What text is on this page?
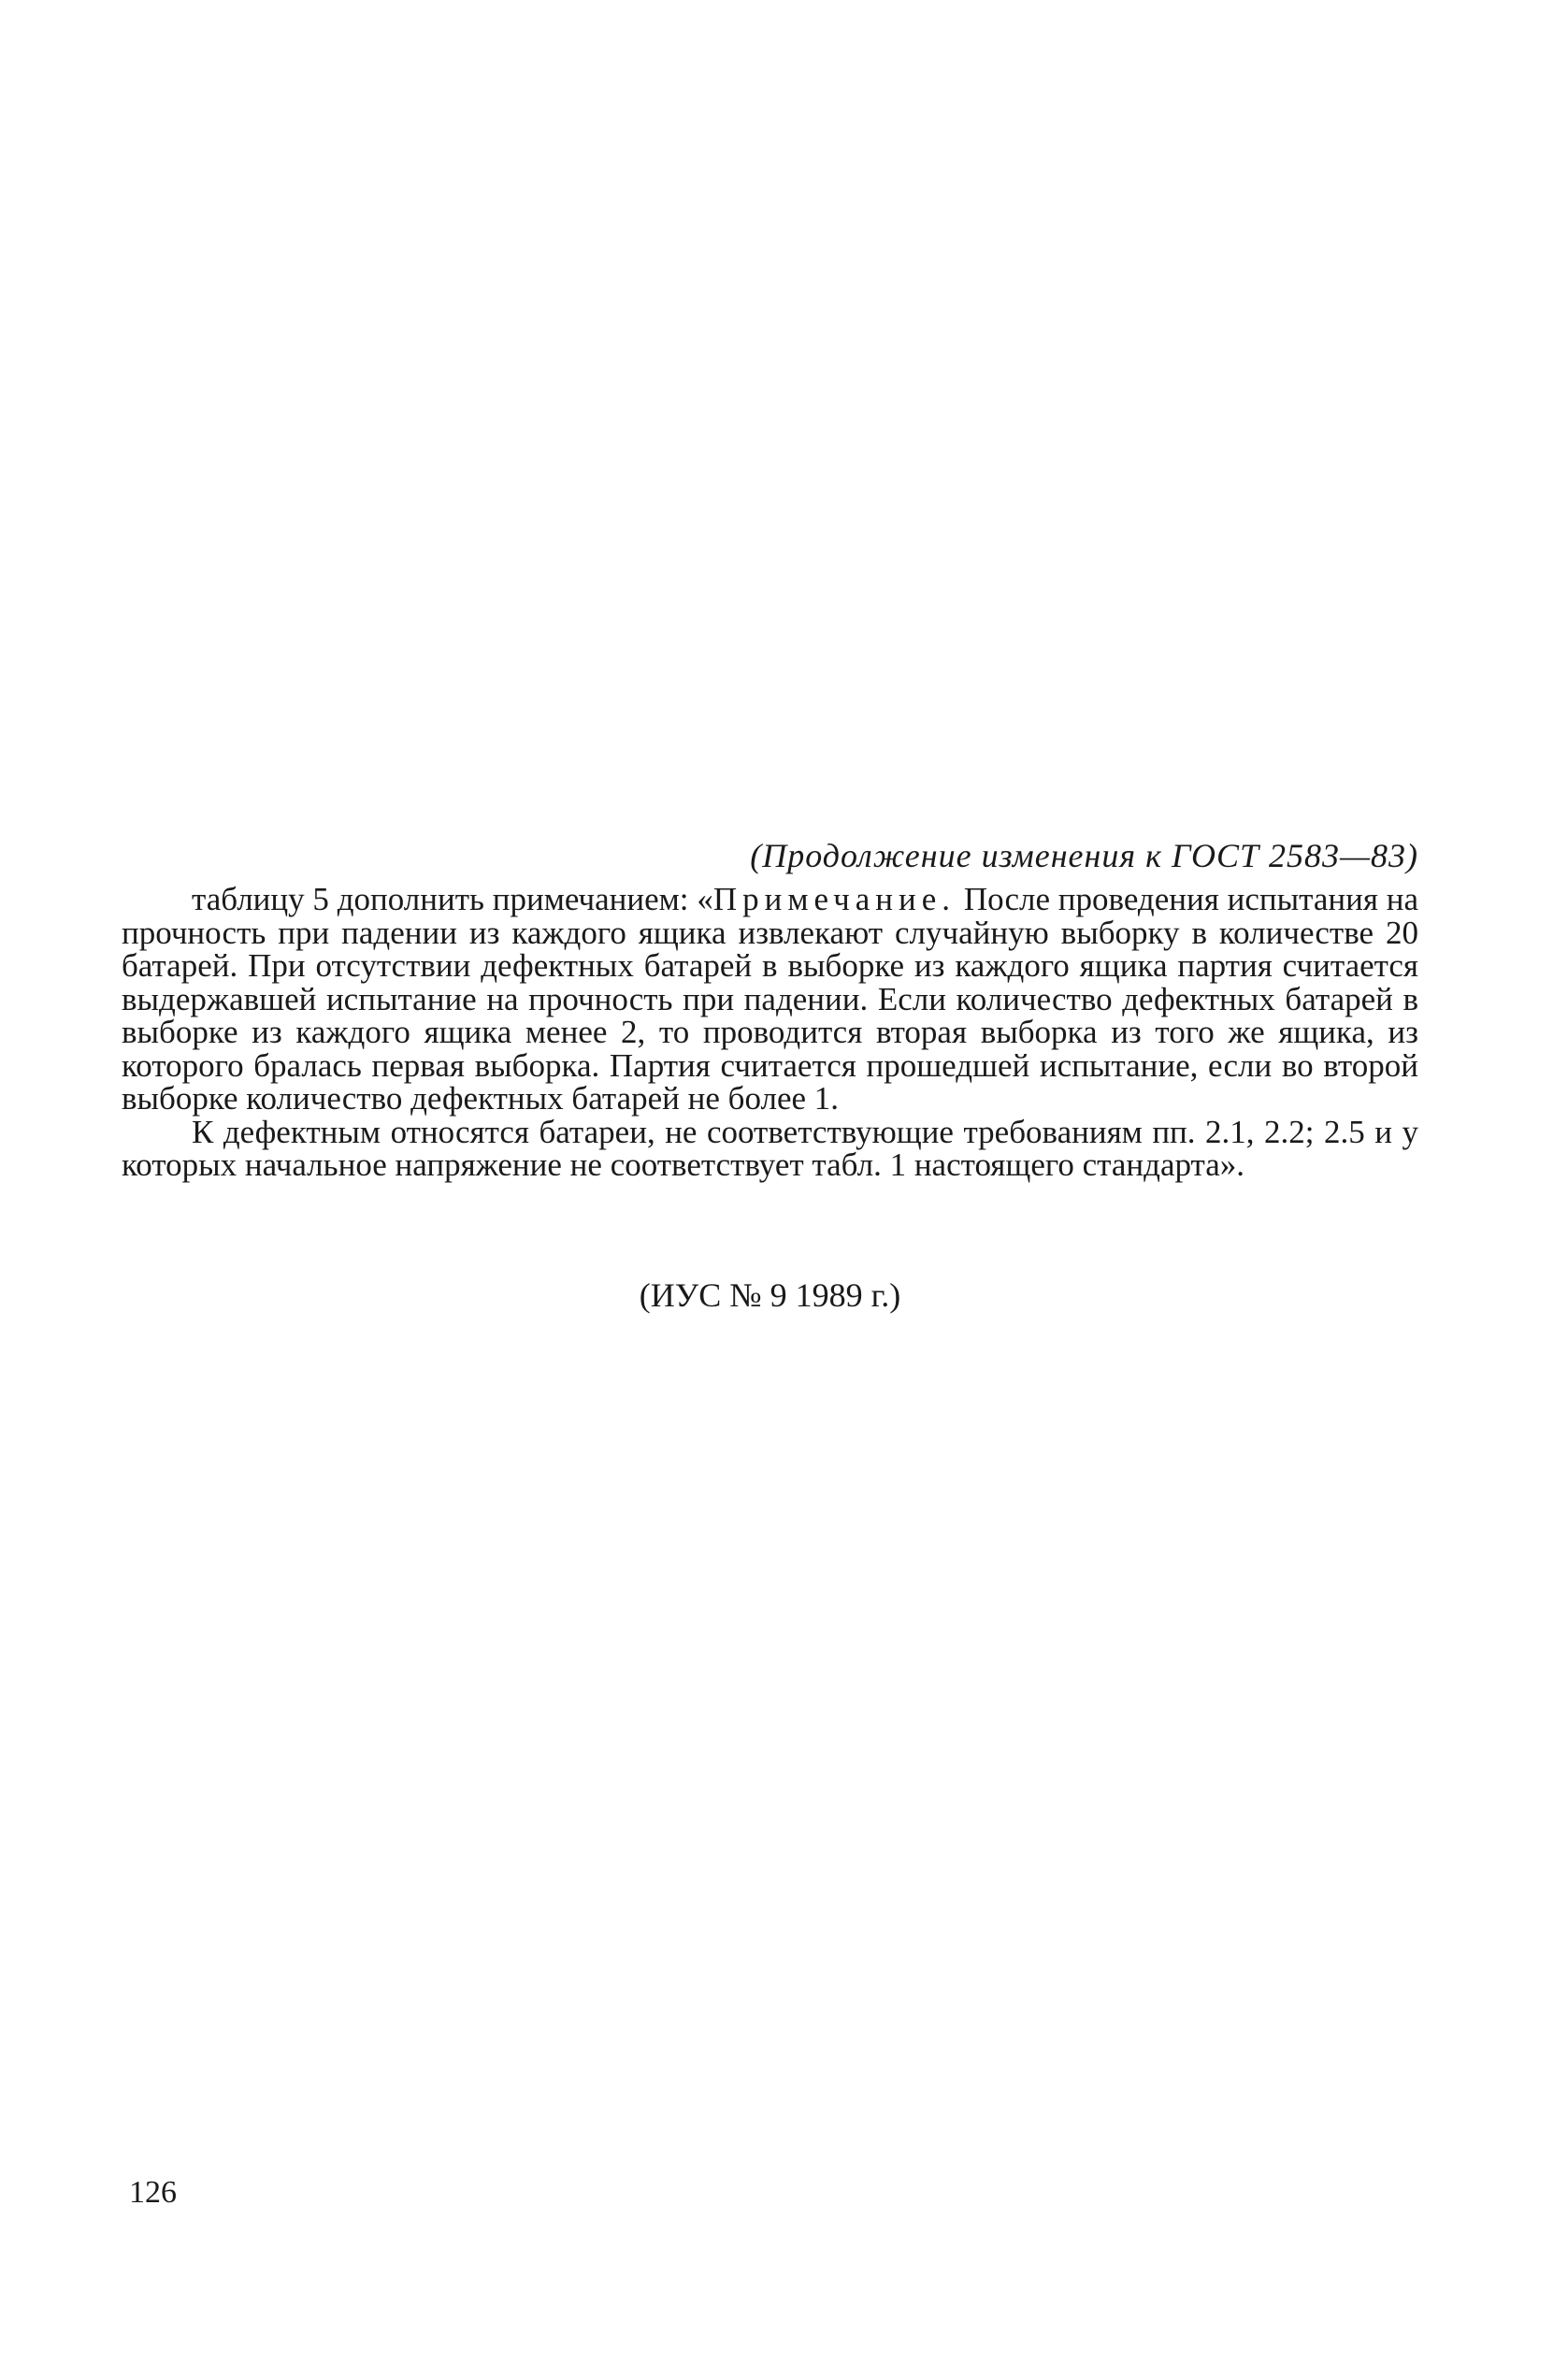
(Продолжение изменения к ГОСТ 2583—83)

таблицу 5 дополнить примечанием: «Примечание. После проведения испытания на прочность при падении из каждого ящика извлекают случайную выборку в количестве 20 батарей. При отсутствии дефектных батарей в выборке из каждого ящика партия считается выдержавшей испытание на прочность при падении. Если количество дефектных батарей в выборке из каждого ящика менее 2, то проводится вторая выборка из того же ящика, из которого бралась первая выборка. Партия считается прошедшей испытание, если во второй выборке количество дефектных батарей не более 1.

К дефектным относятся батареи, не соответствующие требованиям пп. 2.1, 2.2; 2.5 и у которых начальное напряжение не соответствует табл. 1 настоящего стандарта».

(ИУС № 9 1989 г.)
126
